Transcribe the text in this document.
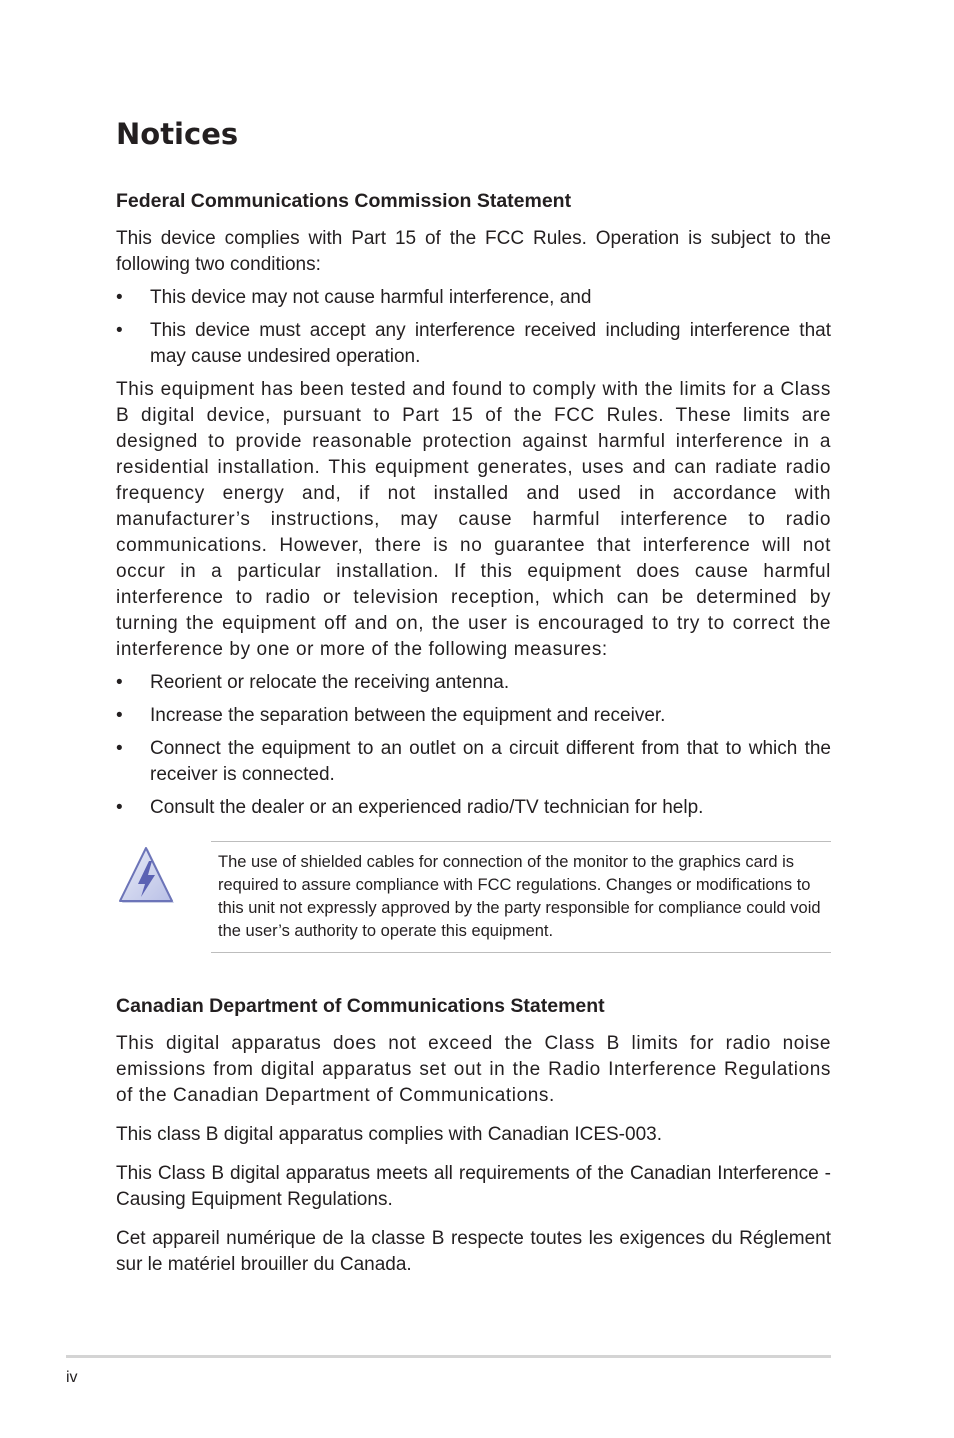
Notices
Federal Communications Commission Statement

This device complies with Part 15 of the FCC Rules. Operation is subject to the following two conditions:

• This device may not cause harmful interference, and
• This device must accept any interference received including interference that may cause undesired operation.

This equipment has been tested and found to comply with the limits for a Class B digital device, pursuant to Part 15 of the FCC Rules. These limits are designed to provide reasonable protection against harmful interference in a residential installation. This equipment generates, uses and can radiate radio frequency energy and, if not installed and used in accordance with manufacturer’s instructions, may cause harmful interference to radio communications. However, there is no guarantee that interference will not occur in a particular installation. If this equipment does cause harmful interference to radio or television reception, which can be determined by turning the equipment off and on, the user is encouraged to try to correct the interference by one or more of the following measures:

• Reorient or relocate the receiving antenna.
• Increase the separation between the equipment and receiver.
• Connect the equipment to an outlet on a circuit different from that to which the receiver is connected.
• Consult the dealer or an experienced radio/TV technician for help.
The use of shielded cables for connection of the monitor to the graphics card is required to assure compliance with FCC regulations. Changes or modifications to this unit not expressly approved by the party responsible for compliance could void the user’s authority to operate this equipment.
Canadian Department of Communications Statement

This digital apparatus does not exceed the Class B limits for radio noise emissions from digital apparatus set out in the Radio Interference Regulations of the Canadian Department of Communications.

This class B digital apparatus complies with Canadian ICES-003.

This Class B digital apparatus meets all requirements of the Canadian Interference - Causing Equipment Regulations.

Cet appareil numérique de la classe B respecte toutes les exigences du Réglement sur le matériel brouiller du Canada.

iv
